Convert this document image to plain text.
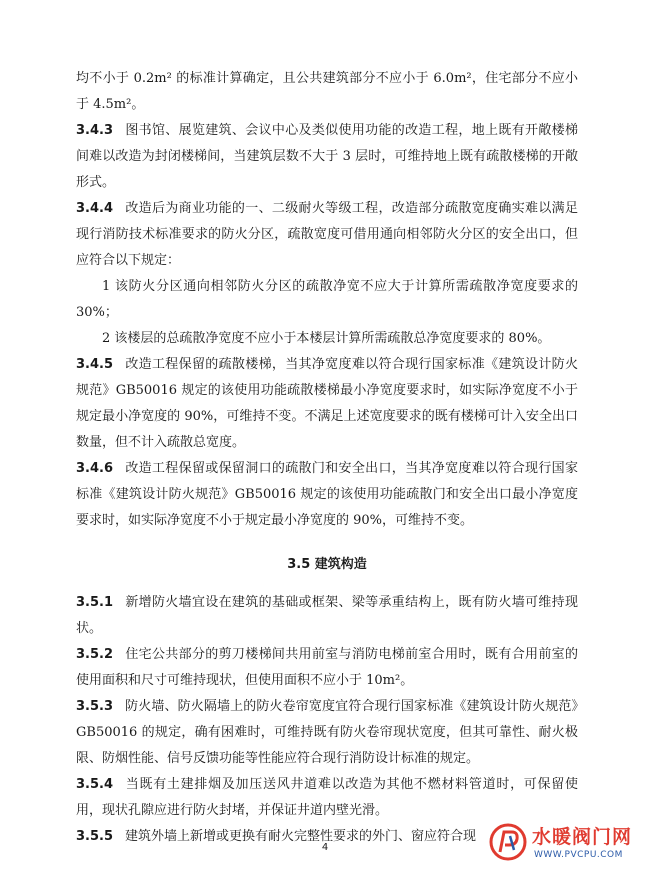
均不小于 0.2m² 的标准计算确定，且公共建筑部分不应小于 6.0m²，住宅部分不应小于 4.5m²。

3.4.3 图书馆、展览建筑、会议中心及类似使用功能的改造工程，地上既有开敞楼梯间难以改造为封闭楼梯间，当建筑层数不大于 3 层时，可维持地上既有疏散楼梯的开敞形式。

3.4.4 改造后为商业功能的一、二级耐火等级工程，改造部分疏散宽度确实难以满足现行消防技术标准要求的防火分区，疏散宽度可借用通向相邻防火分区的安全出口，但应符合以下规定：

1 该防火分区通向相邻防火分区的疏散净宽不应大于计算所需疏散净宽度要求的 30%；

2 该楼层的总疏散净宽度不应小于本楼层计算所需疏散总净宽度要求的 80%。

3.4.5 改造工程保留的疏散楼梯，当其净宽度难以符合现行国家标准《建筑设计防火规范》GB50016 规定的该使用功能疏散楼梯最小净宽度要求时，如实际净宽度不小于规定最小净宽度的 90%，可维持不变。不满足上述宽度要求的既有楼梯可计入安全出口数量，但不计入疏散总宽度。

3.4.6 改造工程保留或保留洞口的疏散门和安全出口，当其净宽度难以符合现行国家标准《建筑设计防火规范》GB50016 规定的该使用功能疏散门和安全出口最小净宽度要求时，如实际净宽度不小于规定最小净宽度的 90%，可维持不变。

3.5 建筑构造

3.5.1 新增防火墙宜设在建筑的基础或框架、梁等承重结构上，既有防火墙可维持现状。

3.5.2 住宅公共部分的剪刀楼梯间共用前室与消防电梯前室合用时，既有合用前室的使用面积和尺寸可维持现状，但使用面积不应小于 10m²。

3.5.3 防火墙、防火隔墙上的防火卷帘宽度宜符合现行国家标准《建筑设计防火规范》GB50016 的规定，确有困难时，可维持既有防火卷帘现状宽度，但其可靠性、耐火极限、防烟性能、信号反馈功能等性能应符合现行消防设计标准的规定。

3.5.4 当既有土建排烟及加压送风井道难以改造为其他不燃材料管道时，可保留使用，现状孔隙应进行防火封堵，并保证井道内壁光滑。

3.5.5 建筑外墙上新增或更换有耐火完整性要求的外门、窗应符合现

4	水暖阀门网
WWW.PVCPU.COM
